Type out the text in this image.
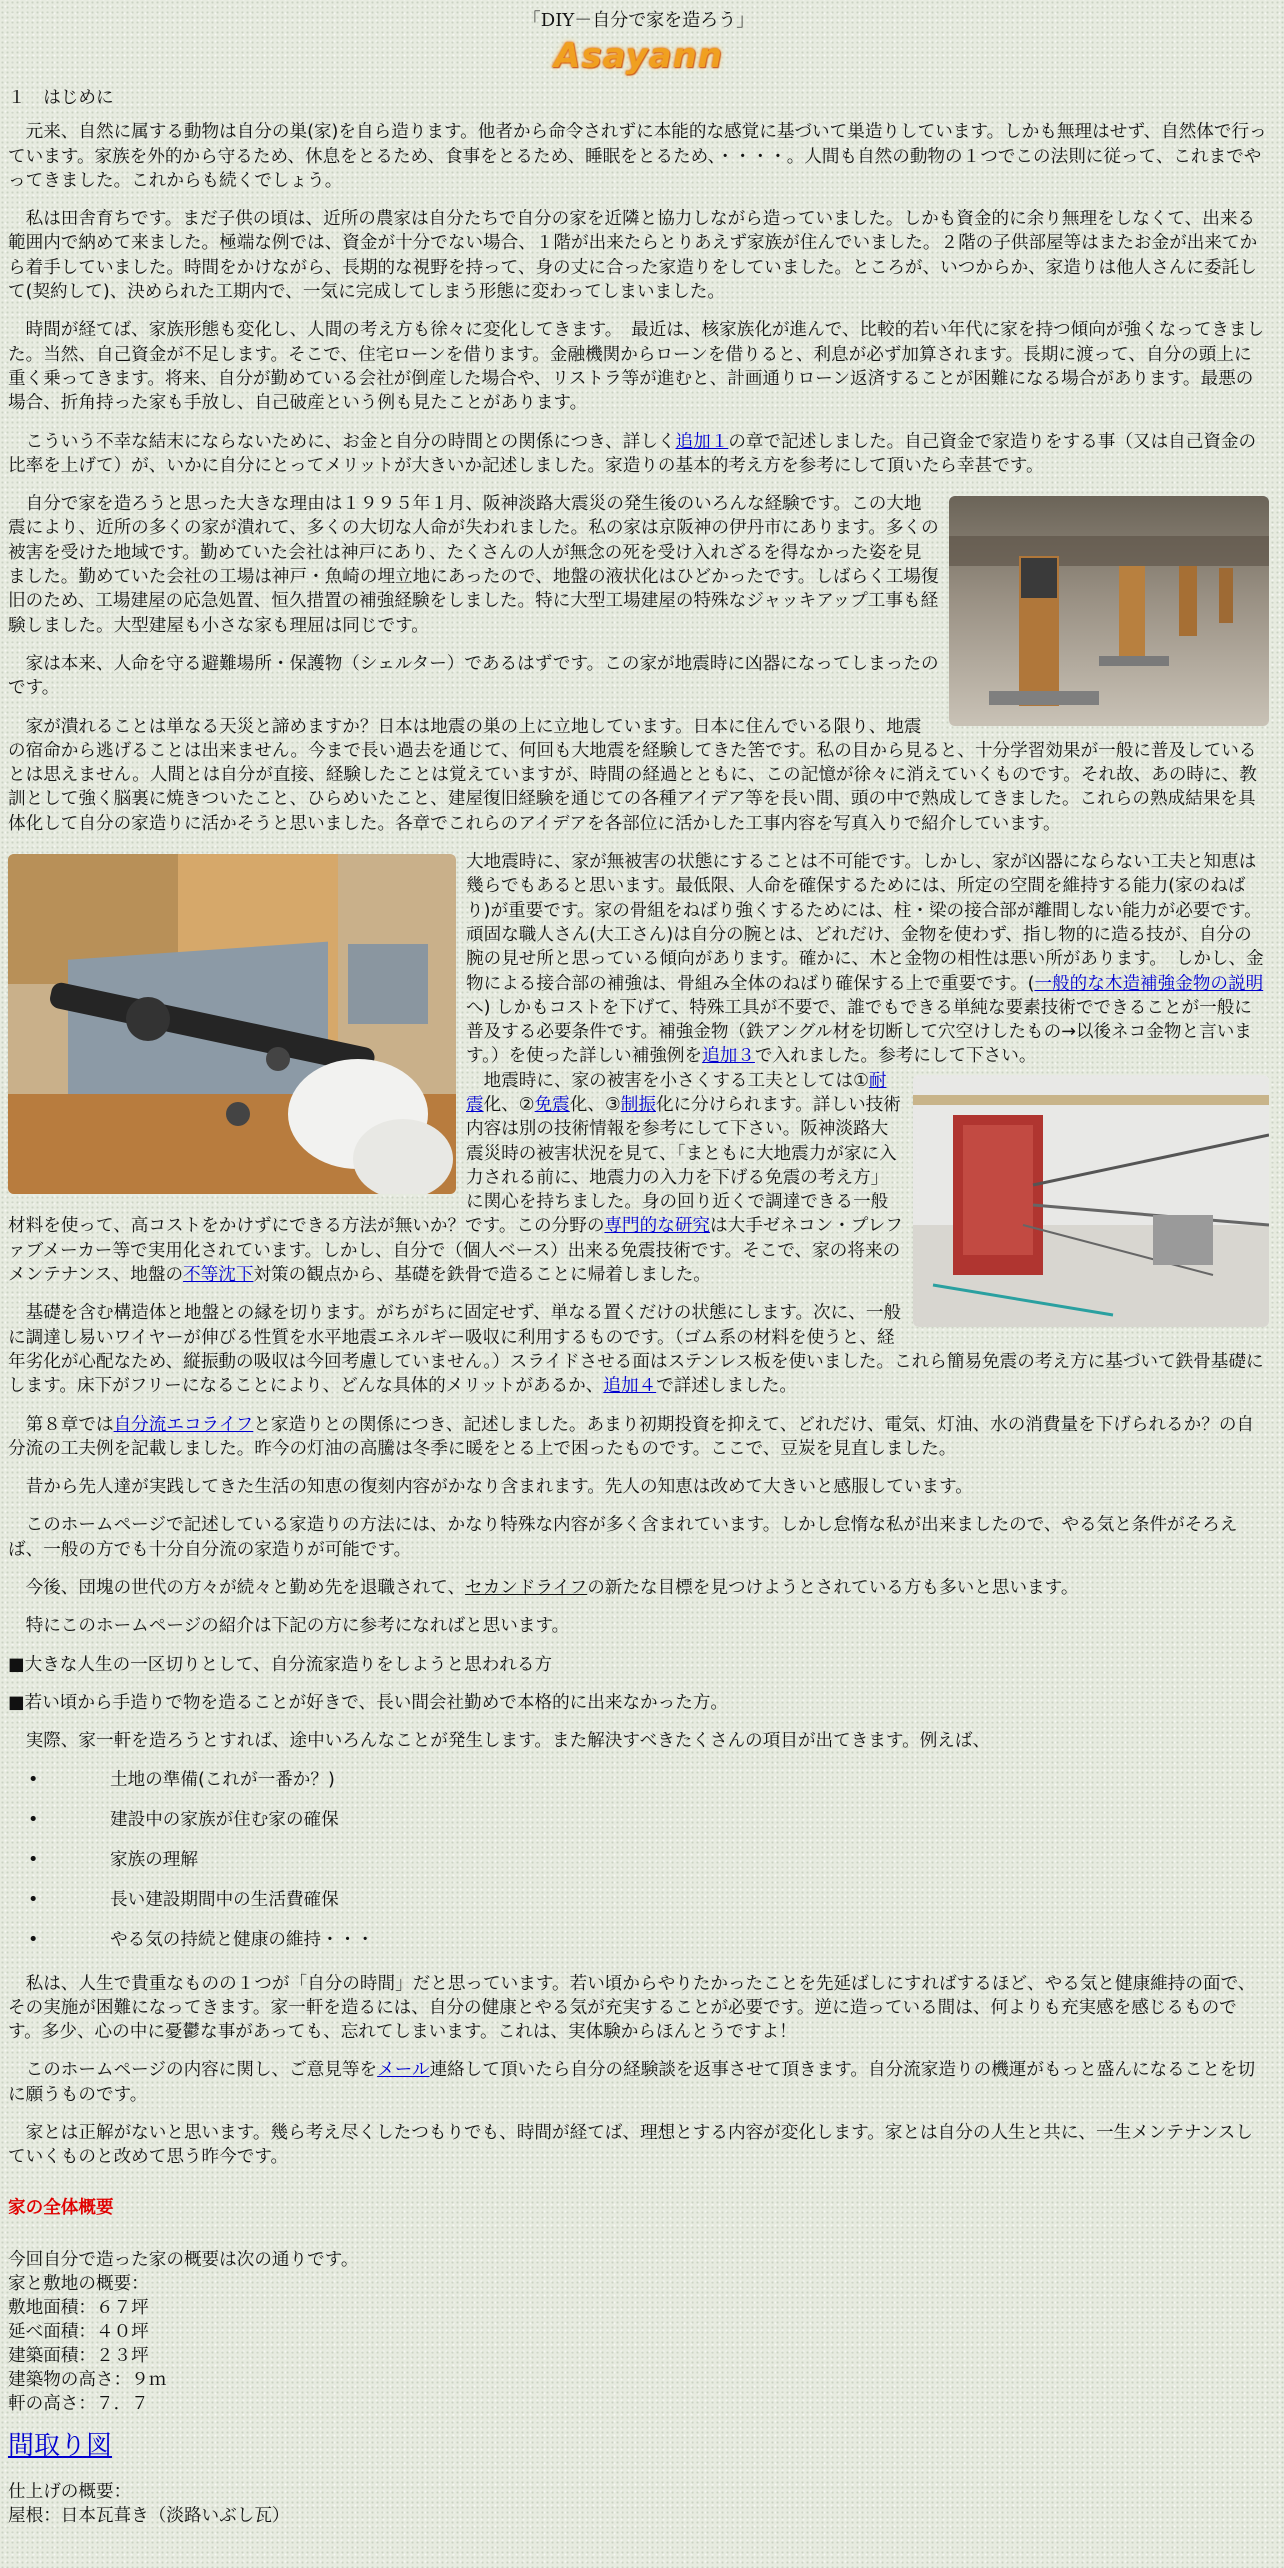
「DIY－自分で家を造ろう」
Asayann

１　はじめに

元来、自然に属する動物は自分の巣(家)を自ら造ります。他者から命令されずに本能的な感覚に基づいて巣造りしています。しかも無理はせず、自然体で行っています。家族を外的から守るため、休息をとるため、食事をとるため、睡眠をとるため、・・・・。人間も自然の動物の１つでこの法則に従って、これまでやってきました。これからも続くでしょう。

私は田舎育ちです。まだ子供の頃は、近所の農家は自分たちで自分の家を近隣と協力しながら造っていました。しかも資金的に余り無理をしなくて、出来る範囲内で納めて来ました。極端な例では、資金が十分でない場合、１階が出来たらとりあえず家族が住んでいました。２階の子供部屋等はまたお金が出来てから着手していました。時間をかけながら、長期的な視野を持って、身の丈に合った家造りをしていました。ところが、いつからか、家造りは他人さんに委託して(契約して)、決められた工期内で、一気に完成してしまう形態に変わってしまいました。

時間が経てば、家族形態も変化し、人間の考え方も徐々に変化してきます。　最近は、核家族化が進んで、比較的若い年代に家を持つ傾向が強くなってきました。当然、自己資金が不足します。そこで、住宅ローンを借ります。金融機関からローンを借りると、利息が必ず加算されます。長期に渡って、自分の頭上に重く乗ってきます。将来、自分が勤めている会社が倒産した場合や、リストラ等が進むと、計画通りローン返済することが困難になる場合があります。最悪の場合、折角持った家も手放し、自己破産という例も見たことがあります。

こういう不幸な結末にならないために、お金と自分の時間との関係につき、詳しく追加１の章で記述しました。自己資金で家造りをする事（又は自己資金の比率を上げて）が、いかに自分にとってメリットが大きいか記述しました。家造りの基本的考え方を参考にして頂いたら幸甚です。

自分で家を造ろうと思った大きな理由は１９９５年１月、阪神淡路大震災の発生後のいろんな経験です。この大地震により、近所の多くの家が潰れて、多くの大切な人命が失われました。私の家は京阪神の伊丹市にあります。多くの被害を受けた地域です。勤めていた会社は神戸にあり、たくさんの人が無念の死を受け入れざるを得なかった姿を見ました。勤めていた会社の工場は神戸・魚崎の埋立地にあったので、地盤の液状化はひどかったです。しばらく工場復旧のため、工場建屋の応急処置、恒久措置の補強経験をしました。特に大型工場建屋の特殊なジャッキアップ工事も経験しました。大型建屋も小さな家も理屈は同じです。

家は本来、人命を守る避難場所・保護物（シェルター）であるはずです。この家が地震時に凶器になってしまったのです。

家が潰れることは単なる天災と諦めますか？日本は地震の巣の上に立地しています。日本に住んでいる限り、地震の宿命から逃げることは出来ません。今まで長い過去を通じて、何回も大地震を経験してきた筈です。私の目から見ると、十分学習効果が一般に普及しているとは思えません。人間とは自分が直接、経験したことは覚えていますが、時間の経過とともに、この記憶が徐々に消えていくものです。それ故、あの時に、教訓として強く脳裏に焼きついたこと、ひらめいたこと、建屋復旧経験を通じての各種アイデア等を長い間、頭の中で熟成してきました。これらの熟成結果を具体化して自分の家造りに活かそうと思いました。各章でこれらのアイデアを各部位に活かした工事内容を写真入りで紹介しています。

大地震時に、家が無被害の状態にすることは不可能です。しかし、家が凶器にならない工夫と知恵は幾らでもあると思います。最低限、人命を確保するためには、所定の空間を維持する能力(家のねばり)が重要です。家の骨組をねばり強くするためには、柱・梁の接合部が離間しない能力が必要です。　頑固な職人さん(大工さん)は自分の腕とは、どれだけ、金物を使わず、指し物的に造る技が、自分の腕の見せ所と思っている傾向があります。確かに、木と金物の相性は悪い所があります。　しかし、金物による接合部の補強は、骨組み全体のねばり確保する上で重要です。(一般的な木造補強金物の説明へ) しかもコストを下げて、特殊工具が不要で、誰でもできる単純な要素技術でできることが一般に普及する必要条件です。補強金物（鉄アングル材を切断して穴空けしたもの→以後ネコ金物と言います。）を使った詳しい補強例を追加３で入れました。参考にして下さい。

地震時に、家の被害を小さくする工夫としては①耐震化、②免震化、③制振化に分けられます。詳しい技術内容は別の技術情報を参考にして下さい。阪神淡路大震災時の被害状況を見て、「まともに大地震力が家に入力される前に、地震力の入力を下げる免震の考え方」に関心を持ちました。身の回り近くで調達できる一般材料を使って、高コストをかけずにできる方法が無いか？です。この分野の専門的な研究は大手ゼネコン・プレファブメーカー等で実用化されています。しかし、自分で（個人ベース）出来る免震技術です。そこで、家の将来のメンテナンス、地盤の不等沈下対策の観点から、基礎を鉄骨で造ることに帰着しました。

基礎を含む構造体と地盤との縁を切ります。がちがちに固定せず、単なる置くだけの状態にします。次に、一般に調達し易いワイヤーが伸びる性質を水平地震エネルギー吸収に利用するものです。（ゴム系の材料を使うと、経年劣化が心配なため、縦振動の吸収は今回考慮していません。）スライドさせる面はステンレス板を使いました。これら簡易免震の考え方に基づいて鉄骨基礎にします。床下がフリーになることにより、どんな具体的メリットがあるか、追加４で詳述しました。

第８章では自分流エコライフと家造りとの関係につき、記述しました。あまり初期投資を抑えて、どれだけ、電気、灯油、水の消費量を下げられるか？の自分流の工夫例を記載しました。昨今の灯油の高騰は冬季に暖をとる上で困ったものです。ここで、豆炭を見直しました。

昔から先人達が実践してきた生活の知恵の復刻内容がかなり含まれます。先人の知恵は改めて大きいと感服しています。

このホームページで記述している家造りの方法には、かなり特殊な内容が多く含まれています。しかし怠惰な私が出来ましたので、やる気と条件がそろえば、一般の方でも十分自分流の家造りが可能です。

今後、団塊の世代の方々が続々と勤め先を退職されて、セカンドライフの新たな目標を見つけようとされている方も多いと思います。

特にこのホームページの紹介は下記の方に参考になればと思います。

■大きな人生の一区切りとして、自分流家造りをしようと思われる方

■若い頃から手造りで物を造ることが好きで、長い間会社勤めで本格的に出来なかった方。

実際、家一軒を造ろうとすれば、途中いろんなことが発生します。また解決すべきたくさんの項目が出てきます。例えば、

•	土地の準備(これが一番か？)
•	建設中の家族が住む家の確保
•	家族の理解
•	長い建設期間中の生活費確保
•	やる気の持続と健康の維持・・・

私は、人生で貴重なものの１つが「自分の時間」だと思っています。若い頃からやりたかったことを先延ばしにすればするほど、やる気と健康維持の面で、その実施が困難になってきます。家一軒を造るには、自分の健康とやる気が充実することが必要です。逆に造っている間は、何よりも充実感を感じるものです。多少、心の中に憂鬱な事があっても、忘れてしまいます。これは、実体験からほんとうですよ！

このホームページの内容に関し、ご意見等をメール連絡して頂いたら自分の経験談を返事させて頂きます。自分流家造りの機運がもっと盛んになることを切に願うものです。

家とは正解がないと思います。幾ら考え尽くしたつもりでも、時間が経てば、理想とする内容が変化します。家とは自分の人生と共に、一生メンテナンスしていくものと改めて思う昨今です。

家の全体概要

今回自分で造った家の概要は次の通りです。

家と敷地の概要：

敷地面積：６７坪

延べ面積：４０坪

建築面積：２３坪

建築物の高さ：９ｍ

軒の高さ：７．７

間取り図

仕上げの概要：

屋根：日本瓦葺き（淡路いぶし瓦）
